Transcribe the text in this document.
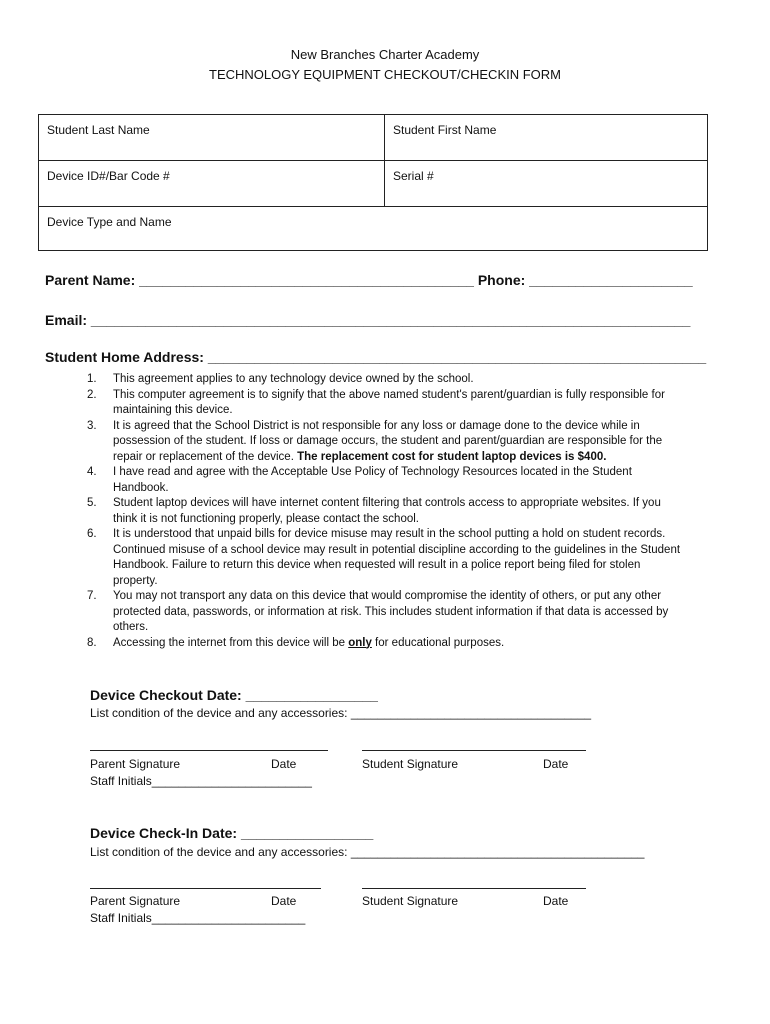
New Branches Charter Academy
TECHNOLOGY EQUIPMENT CHECKOUT/CHECKIN FORM
Student Last Name	Student First Name
Device ID#/Bar Code #	Serial #
Device Type and Name
Parent Name: ___________________________________________ Phone: _____________________
Email: _____________________________________________________________________________
Student Home Address: ________________________________________________________________
1. This agreement applies to any technology device owned by the school.
2. This computer agreement is to signify that the above named student's parent/guardian is fully responsible for maintaining this device.
3. It is agreed that the School District is not responsible for any loss or damage done to the device while in possession of the student. If loss or damage occurs, the student and parent/guardian are responsible for the repair or replacement of the device. The replacement cost for student laptop devices is $400.
4. I have read and agree with the Acceptable Use Policy of Technology Resources located in the Student Handbook.
5. Student laptop devices will have internet content filtering that controls access to appropriate websites. If you think it is not functioning properly, please contact the school.
6. It is understood that unpaid bills for device misuse may result in the school putting a hold on student records. Continued misuse of a school device may result in potential discipline according to the guidelines in the Student Handbook. Failure to return this device when requested will result in a police report being filed for stolen property.
7. You may not transport any data on this device that would compromise the identity of others, or put any other protected data, passwords, or information at risk. This includes student information if that data is accessed by others.
8. Accessing the internet from this device will be only for educational purposes.
Device Checkout Date: _________________
List condition of the device and any accessories: ____________________________________
Parent Signature	Date	Student Signature	Date
Staff Initials________________________
Device Check-In Date: _________________
List condition of the device and any accessories: ____________________________________________
Parent Signature	Date	Student Signature	Date
Staff Initials_______________________
